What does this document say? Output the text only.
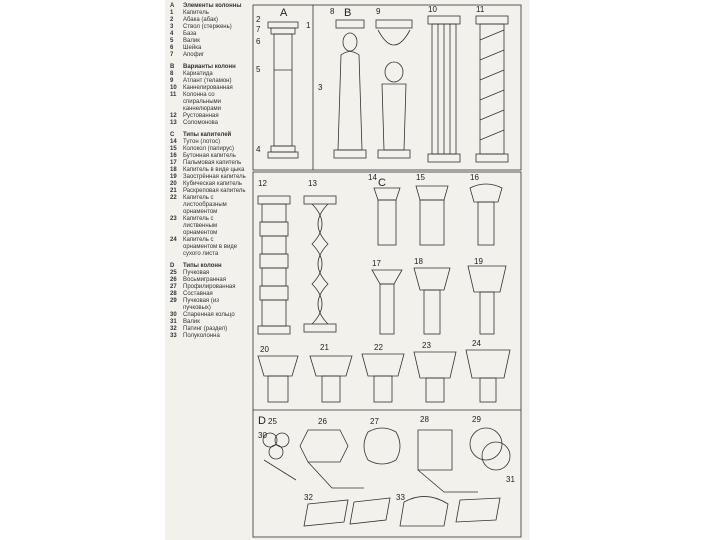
A	Элементы колонны
1	Капитель
2	Абака (абак)
3	Ствол (стержень)
4	База
5	Валик
6	Шейка
7	Апофиг
B	Варианты колонн
8	Кариатида
9	Атлант (теламон)
10	Каннелированная
11	Колонна со спиральными каннелюрами
12	Рустованная
13	Соломонова
C	Типы капителей
14	Тутон (лотос)
15	Колокол (папирус)
16	Бутонная капитель
17	Пальмовая капитель
18	Капитель в виде цыка
19	Заострённая капитель
20	Кубическая капитель
21	Раскреповая капитель
22	Капитель с листообразным орнаментом
23	Капитель с лиственным орнаментом
24	Капитель с орнаментом в виде сухого листа
D	Типы колонн
25	Пучковая
26	Восьмигранная
27	Профилированная
28	Составная
29	Пучковая (из пучковых)
30	Спаренная кольцо
31	Валик
32	Патинг (раздел)
33	Полуколонна
A	B
C
D
2
7
6
5
4
1
3
8	9	10	11
12	13
14	15	16
17	18	19
20	21	22	23	24
25	26	27	28	29
30
31
32	33
